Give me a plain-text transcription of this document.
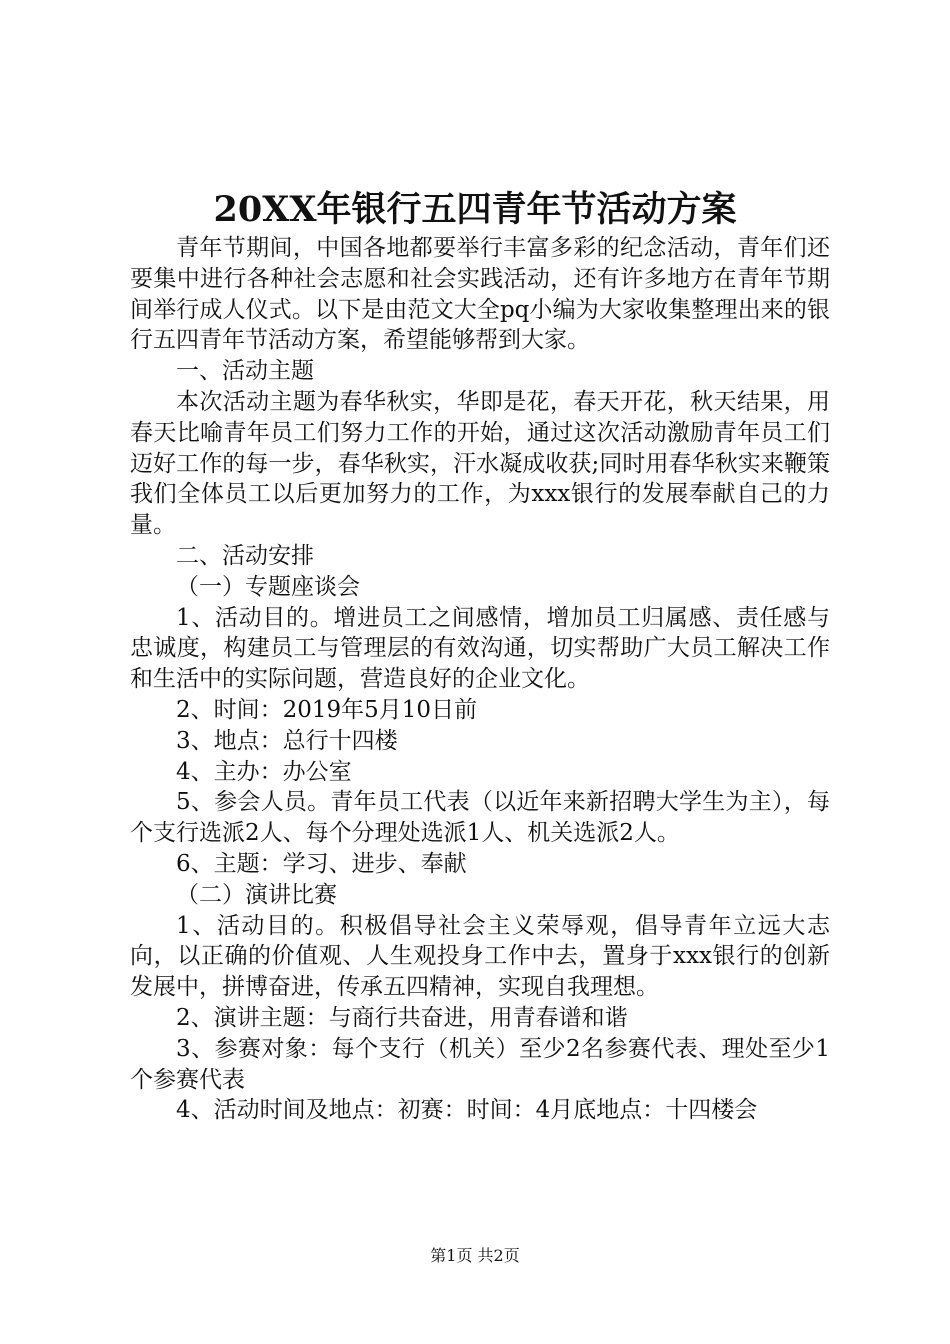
20XX年银行五四青年节活动方案

青年节期间，中国各地都要举行丰富多彩的纪念活动，青年们还要集中进行各种社会志愿和社会实践活动，还有许多地方在青年节期间举行成人仪式。以下是由范文大全pq小编为大家收集整理出来的银行五四青年节活动方案，希望能够帮到大家。

一、活动主题

本次活动主题为春华秋实，华即是花，春天开花，秋天结果，用春天比喻青年员工们努力工作的开始，通过这次活动激励青年员工们迈好工作的每一步，春华秋实，汗水凝成收获;同时用春华秋实来鞭策我们全体员工以后更加努力的工作，为xxx银行的发展奉献自己的力量。

二、活动安排

（一）专题座谈会

1、活动目的。增进员工之间感情，增加员工归属感、责任感与忠诚度，构建员工与管理层的有效沟通，切实帮助广大员工解决工作和生活中的实际问题，营造良好的企业文化。

2、时间：2019年5月10日前

3、地点：总行十四楼

4、主办：办公室

5、参会人员。青年员工代表（以近年来新招聘大学生为主），每个支行选派2人、每个分理处选派1人、机关选派2人。

6、主题：学习、进步、奉献

（二）演讲比赛

1、活动目的。积极倡导社会主义荣辱观，倡导青年立远大志向，以正确的价值观、人生观投身工作中去，置身于xxx银行的创新发展中，拼博奋进，传承五四精神，实现自我理想。

2、演讲主题：与商行共奋进，用青春谱和谐

3、参赛对象：每个支行（机关）至少2名参赛代表、理处至少1个参赛代表

4、活动时间及地点：初赛：时间：4月底地点：十四楼会

第1页 共2页
